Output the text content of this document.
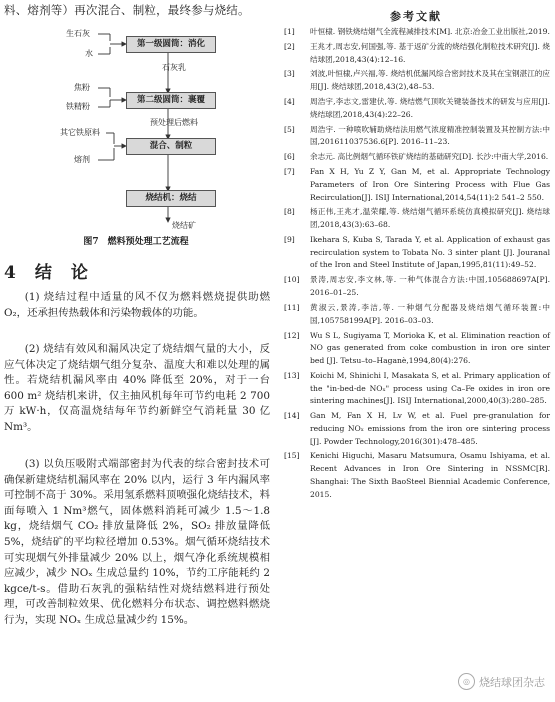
料、熔剂等）再次混合、制粒，最终参与烧结。
生石灰
水
第一级圆筒：消化
石灰乳
焦粉
铁精粉
第二级圆筒：裹覆
预处理后燃料
其它铁原料
熔剂
混合、制粒
烧结机：烧结
烧结矿
图7　燃料预处理工艺流程
4　结　论

(1) 烧结过程中适量的风不仅为燃料燃烧提供助燃 O₂，还承担传热载体和污染物载体的功能。

(2) 烧结有效风和漏风决定了烧结烟气量的大小，反应气体决定了烧结烟气组分复杂、温度大和难以处理的属性。若烧结机漏风率由 40% 降低至 20%，对于一台 600 m² 烧结机来讲，仅主抽风机每年可节约电耗 2 700 万 kW·h，仅高温烧结每年节约新鲜空气消耗量 30 亿 Nm³。

(3) 以负压吸附式端部密封为代表的综合密封技术可确保新建烧结机漏风率在 20% 以内，运行 3 年内漏风率可控制不高于 30%。采用氢系燃料顶喷强化烧结技术，料面每喷入 1 Nm³燃气，固体燃料消耗可减少 1.5～1.8 kg，烧结烟气 CO₂ 排放量降低 2%，SO₂ 排放量降低 5%，烧结矿的平均粒径增加 0.53%。烟气循环烧结技术可实现烟气外排量减少 20% 以上，烟气净化系统规模相应减少，减少 NOₓ 生成总量约 10%，节约工序能耗约 2 kgce/t-s。借助石灰乳的强粘结性对烧结燃料进行预处理，可改善制粒效果、优化燃料分布状态、调控燃料燃烧行为，实现 NOₓ 生成总量减少约 15%。

参考文献
[1]	叶恒棣. 钢铁烧结烟气全流程减排技术[M]. 北京:冶金工业出版社,2019.
[2]	王兆才,周志安,何国强,等. 基于返矿分流的烧结强化制粒技术研究[J]. 烧结球团,2018,43(4):12–16.
[3]	刘波,叶恒棣,卢兴福,等. 烧结机低漏风综合密封技术及其在宝钢湛江的应用[J]. 烧结球团,2018,43(2),48–53.
[4]	周浩宇,李志文,雷建伏,等. 烧结燃气顶吹关键装备技术的研发与应用[J]. 烧结球团,2018,43(4):22–26.
[5]	周浩宇. 一种喷吹辅助烧结法用燃气浓度精准控制装置及其控制方法:中国,201611037536.6[P]. 2016–11–23.
[6]	余志元. 高比例烟气循环铁矿烧结的基础研究[D]. 长沙:中南大学,2016.
[7]	Fan X H, Yu Z Y, Gan M, et al. Appropriate Technology Parameters of Iron Ore Sintering Process with Flue Gas Recirculation[J]. ISIJ International,2014,54(11):2 541–2 550.
[8]	杨正伟,王兆才,温荣耀,等. 烧结烟气循环系统仿真模拟研究[J]. 烧结球团,2018,43(3):63–68.
[9]	Ikehara S, Kuba S, Tarada Y, et al. Application of exhaust gas recirculation system to Tobata No. 3 sinter plant [J]. Jouranal of the Iron and Steel Institute of Japan,1995,81(11):49–52.
[10]	景涛,周志安,李文林,等. 一种气体混合方法:中国,105688697A[P]. 2016–01–25.
[11]	黄淑云,景涛,李洁,等. 一种烟气分配器及烧结烟气循环装置:中国,105758199A[P]. 2016–03–03.
[12]	Wu S L, Sugiyama T, Morioka K, et al. Elimination reaction of NO gas generated from coke combustion in iron ore sinter bed [J]. Tetsu–to–Haganè,1994,80(4):276.
[13]	Koichi M, Shinichi I, Masakata S, et al. Primary application of the "in-bed-de NOₓ" process using Ca–Fe oxides in iron ore sintering machines[J]. ISIJ International,2000,40(3):280–285.
[14]	Gan M, Fan X H, Lv W, et al. Fuel pre-granulation for reducing NOₓ emissions from the iron ore sintering process [J]. Powder Technology,2016(301):478–485.
[15]	Kenichi Higuchi, Masaru Matsumura, Osamu Ishiyama, et al. Recent Advances in Iron Ore Sintering in NSSMC[R]. Shanghai: The Sixth BaoSteel Biennial Academic Conference, 2015.
◎ 烧结球团杂志
